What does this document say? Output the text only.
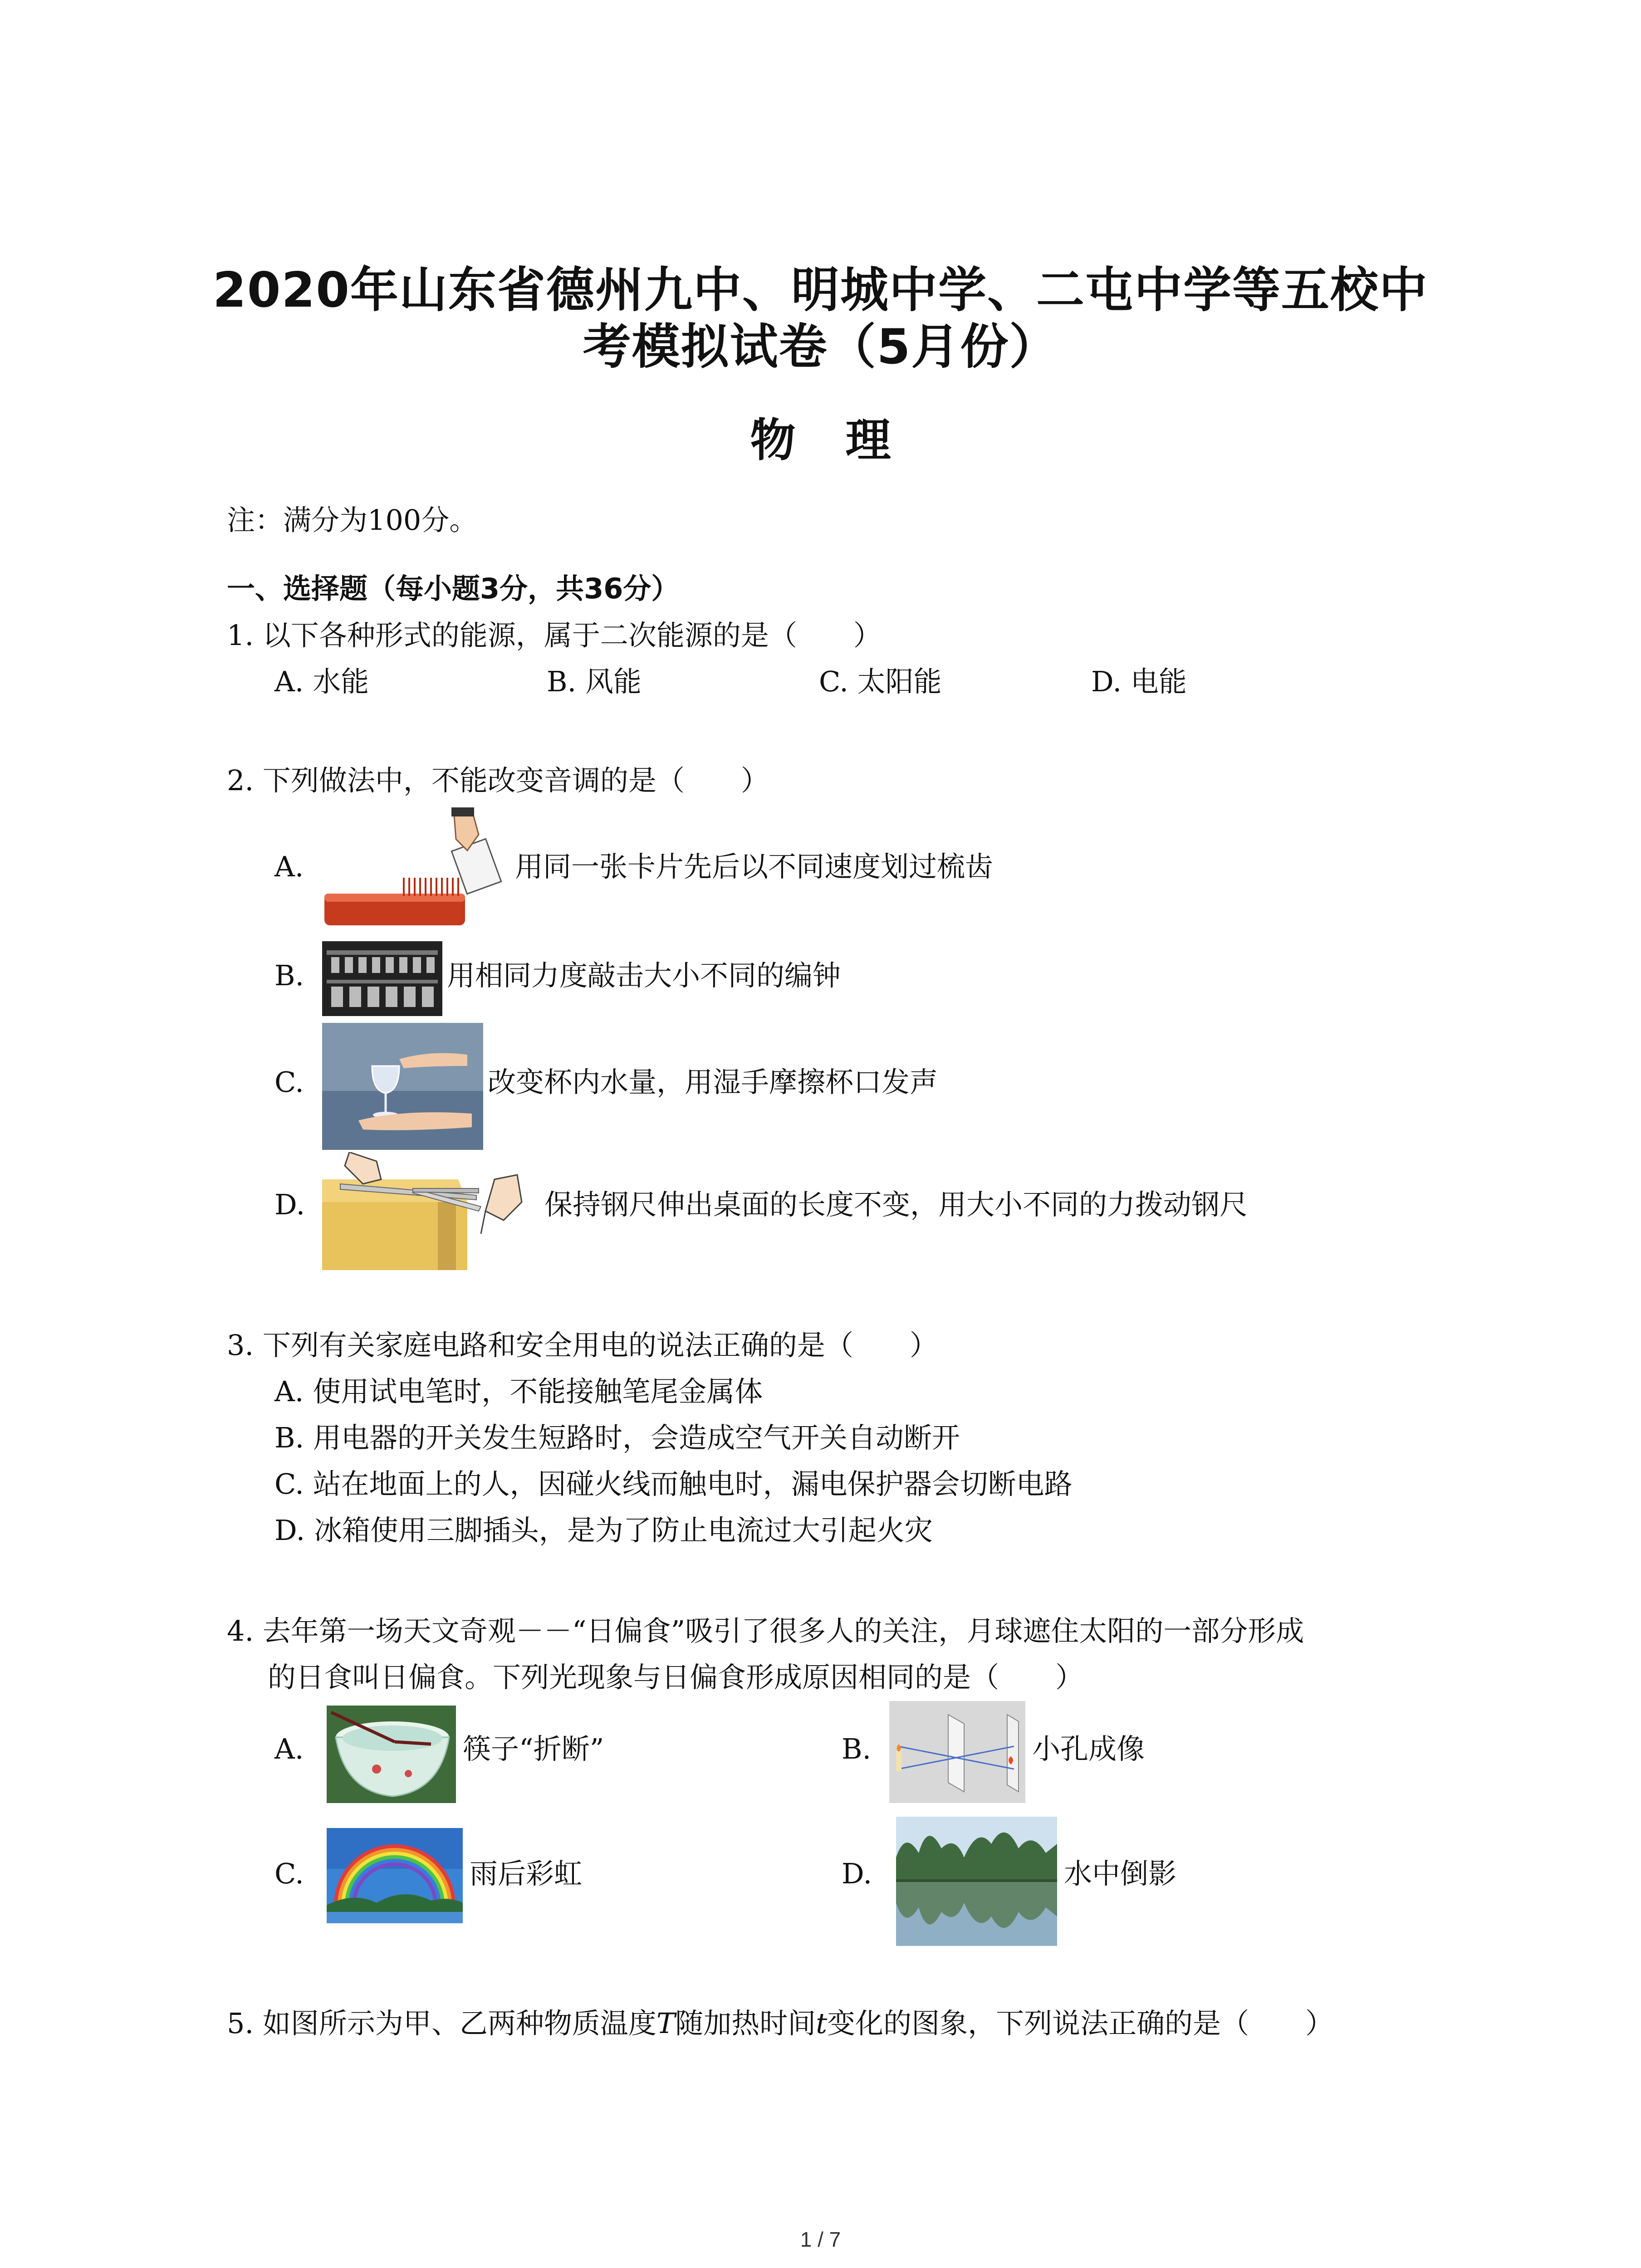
2020年山东省德州九中、明城中学、二屯中学等五校中
考模拟试卷（5月份）
物理
注：满分为100分。
一、选择题（每小题3分，共36分）
1. 以下各种形式的能源，属于二次能源的是（　　）
A. 水能	B. 风能	C. 太阳能	D. 电能
2. 下列做法中，不能改变音调的是（　　）
A.	用同一张卡片先后以不同速度划过梳齿
B.	用相同力度敲击大小不同的编钟
C.	改变杯内水量，用湿手摩擦杯口发声
D.	保持钢尺伸出桌面的长度不变，用大小不同的力拨动钢尺
3. 下列有关家庭电路和安全用电的说法正确的是（　　）
A. 使用试电笔时，不能接触笔尾金属体
B. 用电器的开关发生短路时，会造成空气开关自动断开
C. 站在地面上的人，因碰火线而触电时，漏电保护器会切断电路
D. 冰箱使用三脚插头，是为了防止电流过大引起火灾
4. 去年第一场天文奇观－－“日偏食”吸引了很多人的关注，月球遮住太阳的一部分形成
的日食叫日偏食。下列光现象与日偏食形成原因相同的是（　　）
A.	筷子“折断”	B.	小孔成像
C.	雨后彩虹	D.	水中倒影
5. 如图所示为甲、乙两种物质温度T随加热时间t变化的图象，下列说法正确的是（　　）
1 / 7
